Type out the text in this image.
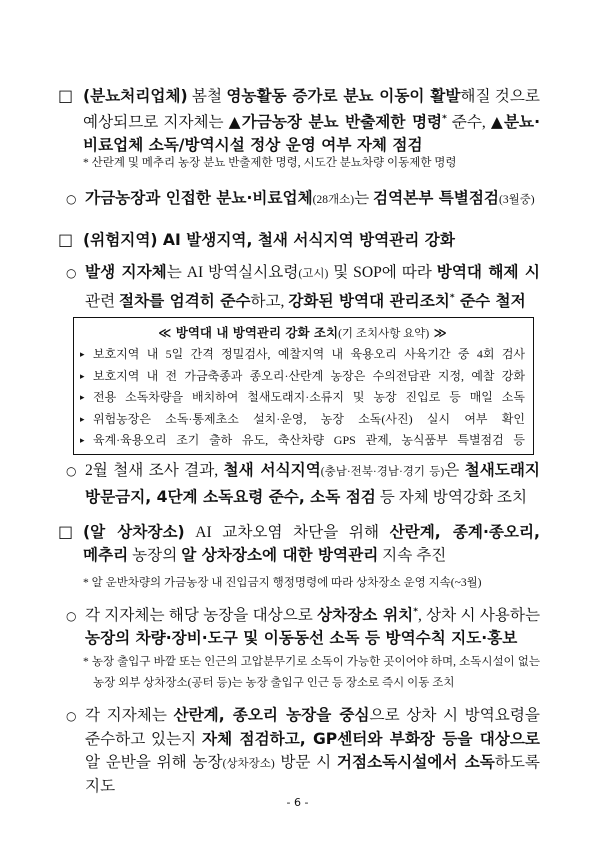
□ (분뇨처리업체) 봄철 영농활동 증가로 분뇨 이동이 활발해질 것으로 예상되므로 지자체는 ▲가금농장 분뇨 반출제한 명령* 준수, ▲분뇨·비료업체 소독/방역시설 정상 운영 여부 자체 점검
* 산란계 및 메추리 농장 분뇨 반출제한 명령, 시도간 분뇨차량 이동제한 명령
○ 가금농장과 인접한 분뇨·비료업체(28개소)는 검역본부 특별점검(3월중)
□ (위험지역) AI 발생지역, 철새 서식지역 방역관리 강화
○ 발생 지자체는 AI 방역실시요령(고시) 및 SOP에 따라 방역대 해제 시 관련 절차를 엄격히 준수하고, 강화된 방역대 관리조치* 준수 철저
≪ 방역대 내 방역관리 강화 조치(기 조치사항 요약) ≫
▸ 보호지역 내 5일 간격 정밀검사, 예찰지역 내 육용오리 사육기간 중 4회 검사
▸ 보호지역 내 전 가금축종과 종오리·산란계 농장은 수의전담관 지정, 예찰 강화
▸ 전용 소독차량을 배치하여 철새도래지·소류지 및 농장 진입로 등 매일 소독
▸ 위험농장은 소독·통제초소 설치·운영, 농장 소독(사진) 실시 여부 확인
▸ 육계·육용오리 조기 출하 유도, 축산차량 GPS 관제, 농식품부 특별점검 등
○ 2월 철새 조사 결과, 철새 서식지역(충남·전북·경남·경기 등)은 철새도래지 방문금지, 4단계 소독요령 준수, 소독 점검 등 자체 방역강화 조치
□ (알 상차장소) AI 교차오염 차단을 위해 산란계, 종계·종오리, 메추리 농장의 알 상차장소에 대한 방역관리 지속 추진
* 알 운반차량의 가금농장 내 진입금지 행정명령에 따라 상차장소 운영 지속(~3월)
○ 각 지자체는 해당 농장을 대상으로 상차장소 위치*, 상차 시 사용하는 농장의 차량·장비·도구 및 이동동선 소독 등 방역수칙 지도·홍보
* 농장 출입구 바깥 또는 인근의 고압분무기로 소독이 가능한 곳이어야 하며, 소독시설이 없는 농장 외부 상차장소(공터 등)는 농장 출입구 인근 등 장소로 즉시 이동 조치
○ 각 지자체는 산란계, 종오리 농장을 중심으로 상차 시 방역요령을 준수하고 있는지 자체 점검하고, GP센터와 부화장 등을 대상으로 알 운반을 위해 농장(상차장소) 방문 시 거점소독시설에서 소독하도록 지도
- 6 -
